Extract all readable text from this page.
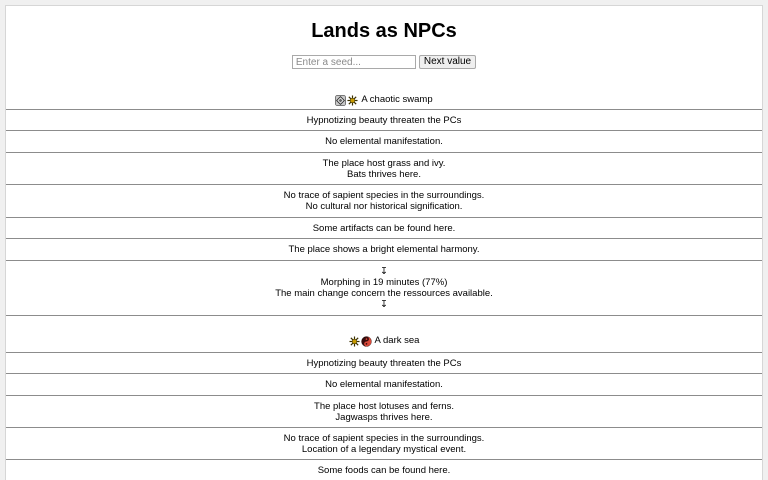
Lands as NPCs
Enter a seed...
Next value
A chaotic swamp
Hypnotizing beauty threaten the PCs
No elemental manifestation.
The place host grass and ivy.
Bats thrives here.
No trace of sapient species in the surroundings.
No cultural nor historical signification.
Some artifacts can be found here.
The place shows a bright elemental harmony.
↧
Morphing in 19 minutes (77%)
The main change concern the ressources available.
↧
A dark sea
Hypnotizing beauty threaten the PCs
No elemental manifestation.
The place host lotuses and ferns.
Jagwasps thrives here.
No trace of sapient species in the surroundings.
Location of a legendary mystical event.
Some foods can be found here.
